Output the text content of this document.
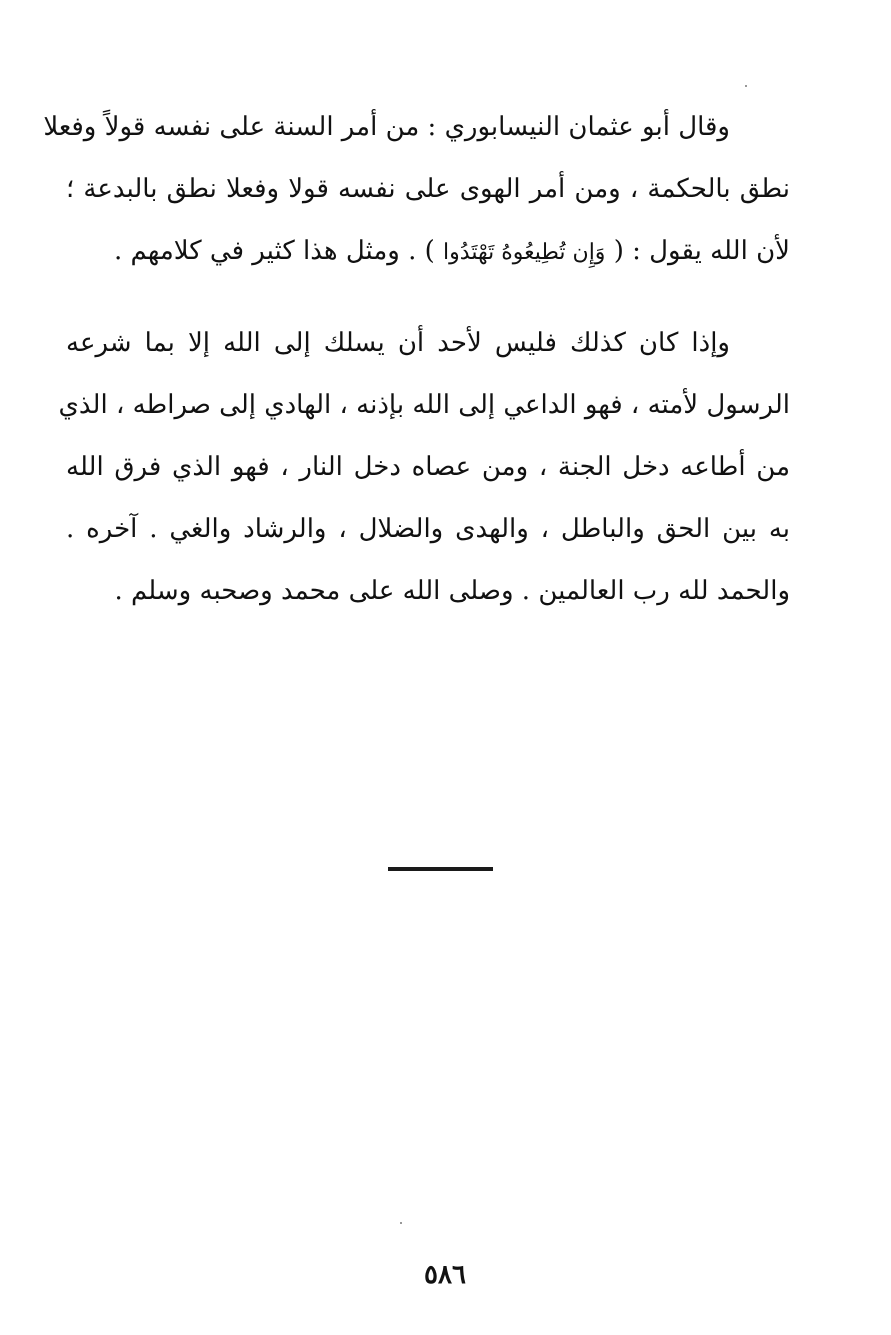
وقال أبو عثمان النيسابوري : من أمر السنة على نفسه قولاً وفعلا
نطق بالحكمة ، ومن أمر الهوى على نفسه قولا وفعلا نطق بالبدعة ؛
لأن الله يقول : ( وَإِن تُطِيعُوهُ تَهْتَدُوا ) . ومثل هذا كثير في كلامهم .
وإذا كان كذلك فليس لأحد أن يسلك إلى الله إلا بما شرعه
الرسول لأمته ، فهو الداعي إلى الله بإذنه ، الهادي إلى صراطه ، الذي
من أطاعه دخل الجنة ، ومن عصاه دخل النار ، فهو الذي فرق الله
به بين الحق والباطل ، والهدى والضلال ، والرشاد والغي . آخره .
والحمد لله رب العالمين . وصلى الله على محمد وصحبه وسلم .
٥٨٦
